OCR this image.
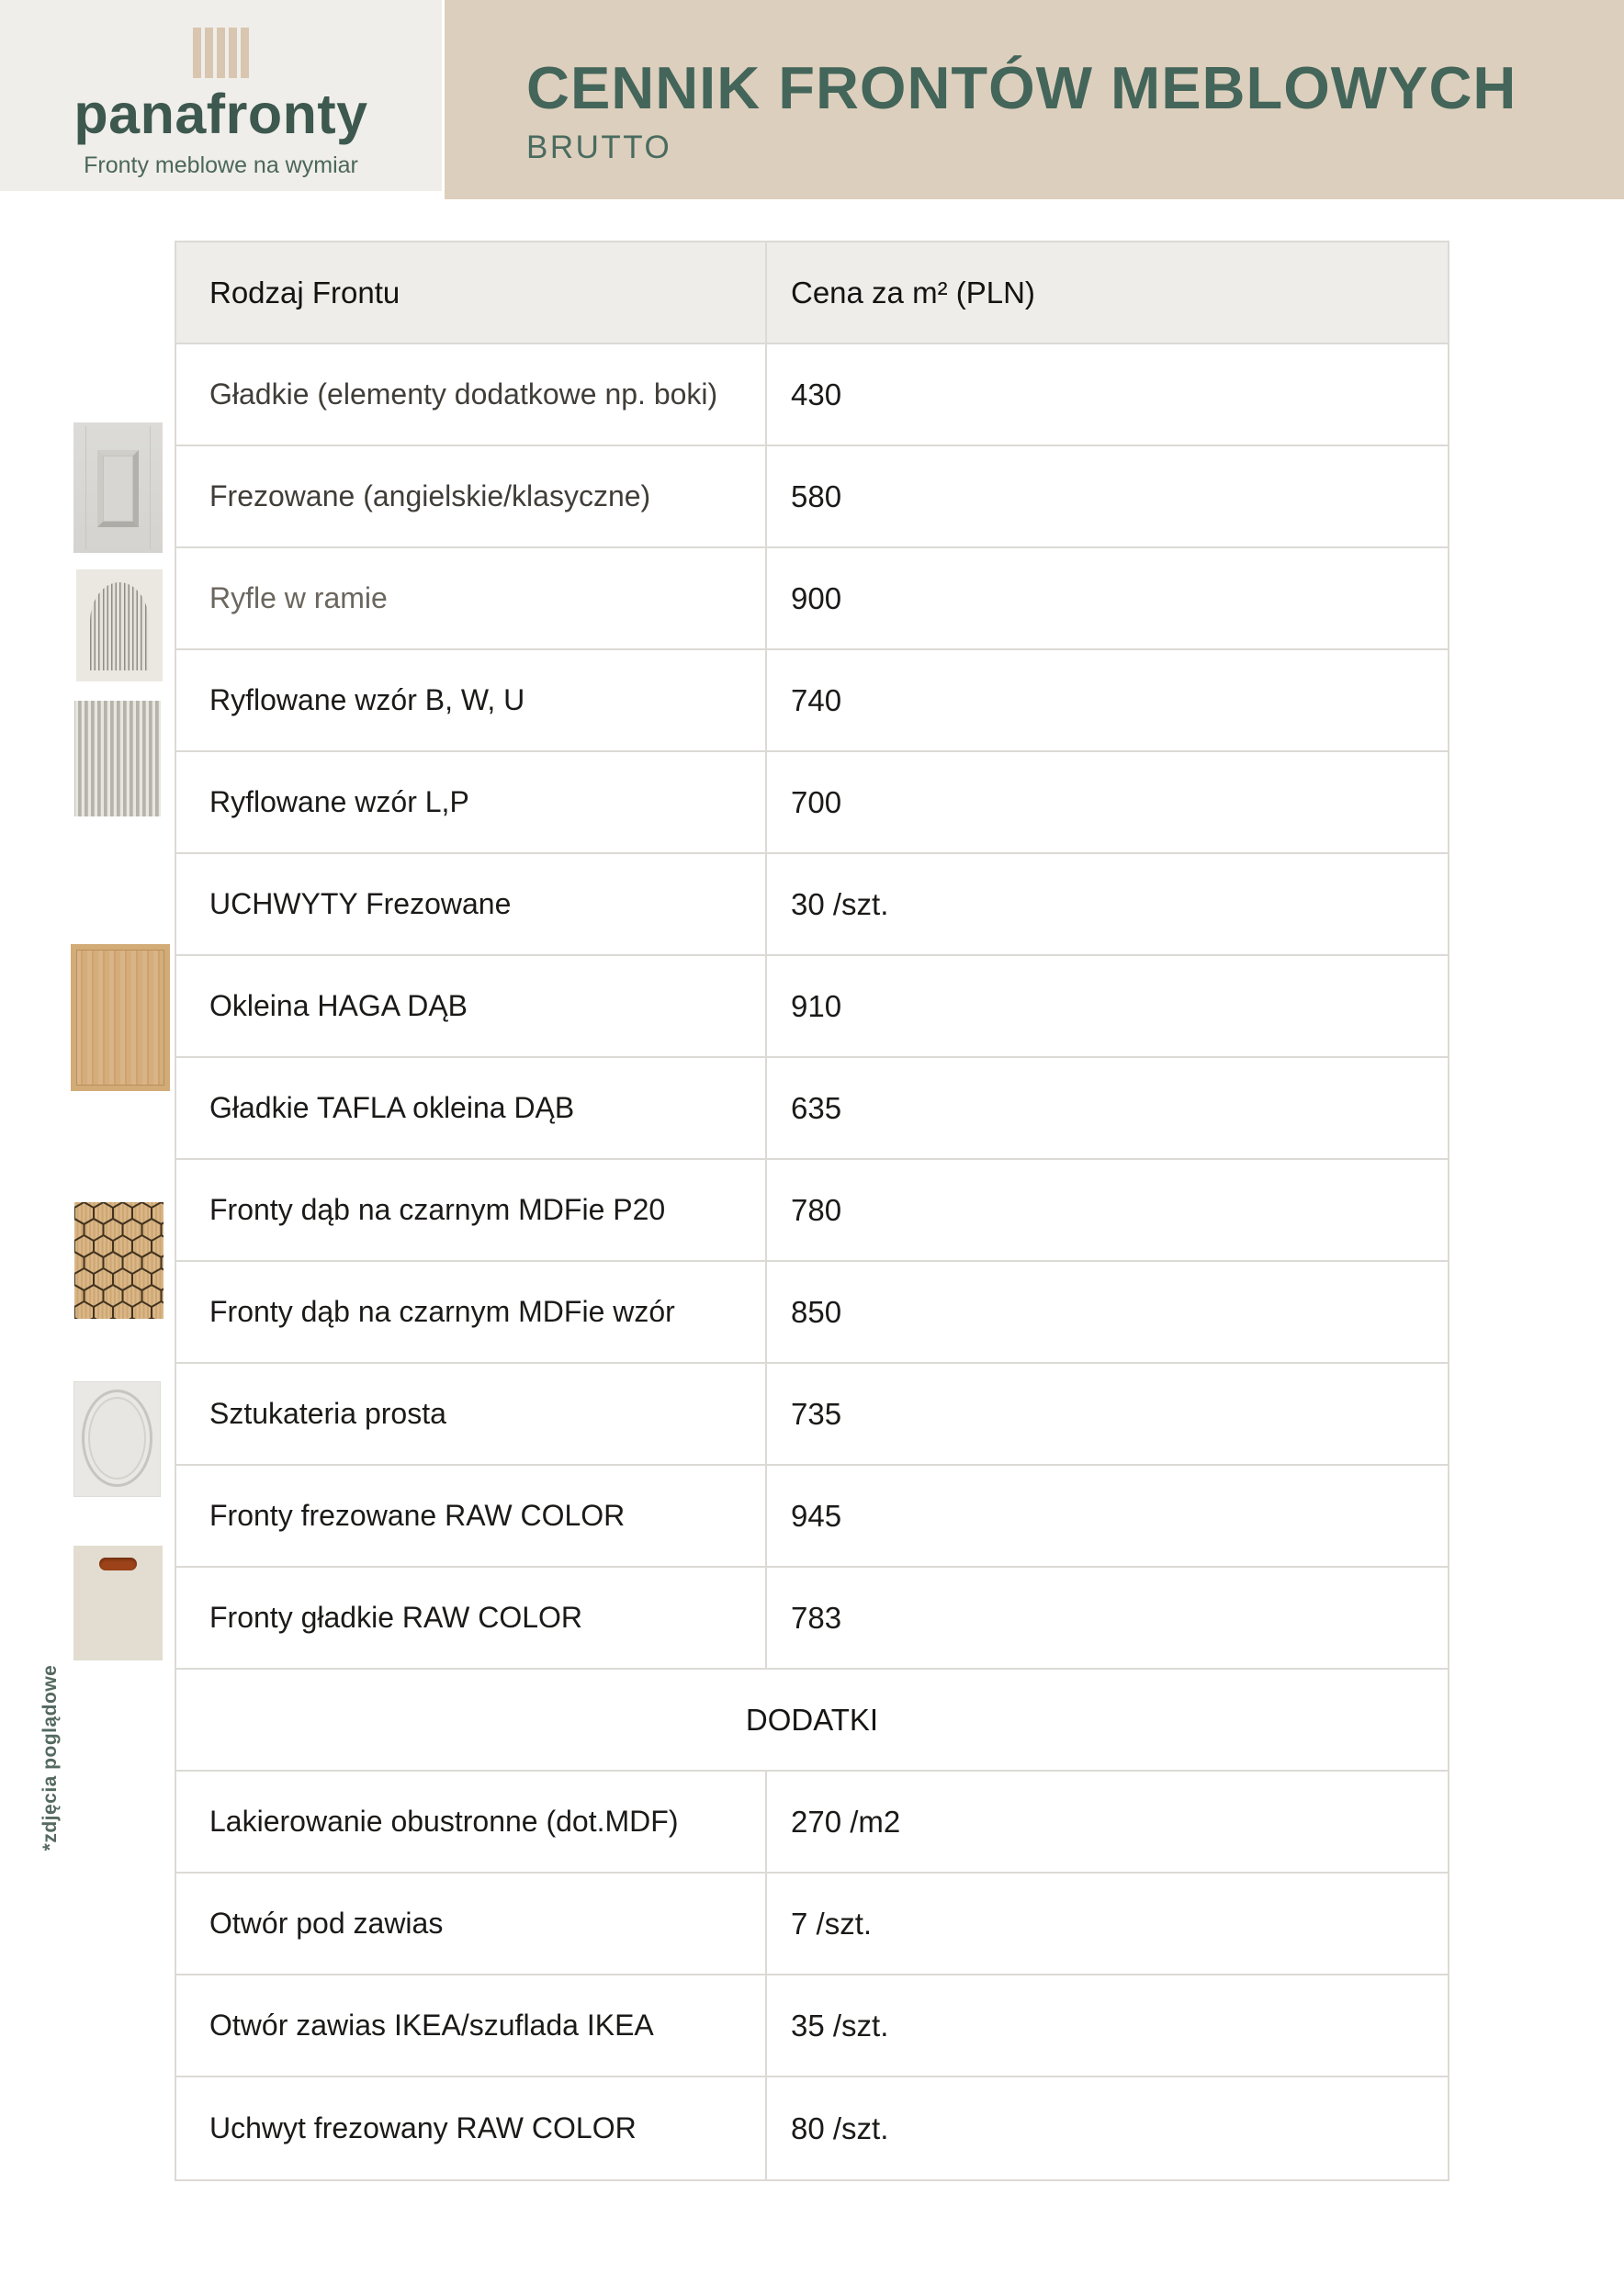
panafronty
Fronty meblowe na wymiar
CENNIK FRONTÓW MEBLOWYCH
BRUTTO
*zdjęcia poglądowe
Rodzaj Frontu	Cena za m² (PLN)
Gładkie (elementy dodatkowe np. boki)	430
Frezowane (angielskie/klasyczne)	580
Ryfle w ramie	900
Ryflowane wzór B, W, U	740
Ryflowane wzór L,P	700
UCHWYTY Frezowane	30 /szt.
Okleina HAGA DĄB	910
Gładkie TAFLA okleina DĄB	635
Fronty dąb na czarnym MDFie P20	780
Fronty dąb na czarnym MDFie wzór	850
Sztukateria prosta	735
Fronty frezowane RAW COLOR	945
Fronty gładkie RAW COLOR	783
DODATKI
Lakierowanie obustronne (dot.MDF)	270 /m2
Otwór pod zawias	7 /szt.
Otwór zawias IKEA/szuflada IKEA	35 /szt.
Uchwyt frezowany RAW COLOR	80 /szt.
